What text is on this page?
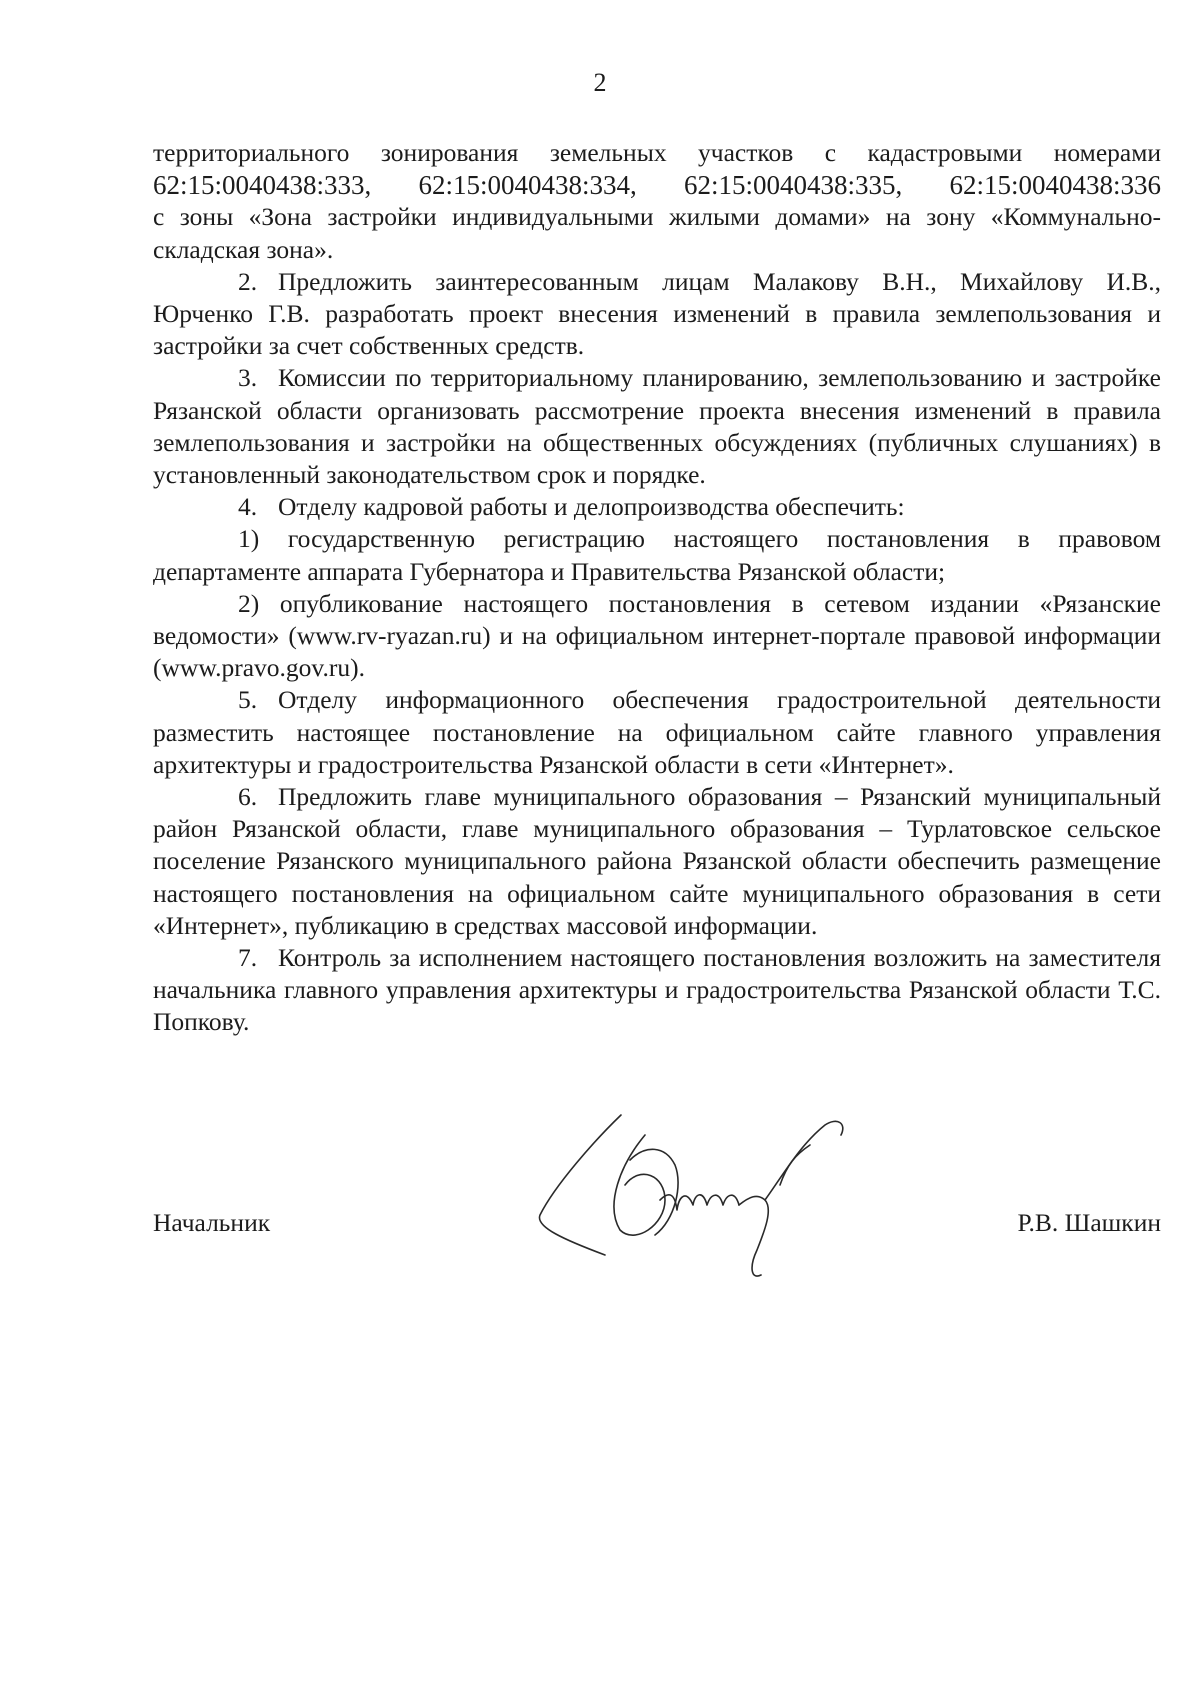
2

территориального зонирования земельных участков с кадастровыми номерами

62:15:0040438:333, 62:15:0040438:334, 62:15:0040438:335, 62:15:0040438:336

с зоны «Зона застройки индивидуальными жилыми домами» на зону «Коммунально-складская зона».

2. Предложить заинтересованным лицам Малакову В.Н., Михайлову И.В., Юрченко Г.В. разработать проект внесения изменений в правила землепользования и застройки за счет собственных средств.

3. Комиссии по территориальному планированию, землепользованию и застройке Рязанской области организовать рассмотрение проекта внесения изменений в правила землепользования и застройки на общественных обсуждениях (публичных слушаниях) в установленный законодательством срок и порядке.

4. Отделу кадровой работы и делопроизводства обеспечить:

1) государственную регистрацию настоящего постановления в правовом департаменте аппарата Губернатора и Правительства Рязанской области;

2) опубликование настоящего постановления в сетевом издании «Рязанские ведомости» (www.rv-ryazan.ru) и на официальном интернет-портале правовой информации (www.pravo.gov.ru).

5. Отделу информационного обеспечения градостроительной деятельности разместить настоящее постановление на официальном сайте главного управления архитектуры и градостроительства Рязанской области в сети «Интернет».

6. Предложить главе муниципального образования – Рязанский муниципальный район Рязанской области, главе муниципального образования – Турлатовское сельское поселение Рязанского муниципального района Рязанской области обеспечить размещение настоящего постановления на официальном сайте муниципального образования в сети «Интернет», публикацию в средствах массовой информации.

7. Контроль за исполнением настоящего постановления возложить на заместителя начальника главного управления архитектуры и градостроительства Рязанской области Т.С. Попкову.

Начальник	Р.В. Шашкин
